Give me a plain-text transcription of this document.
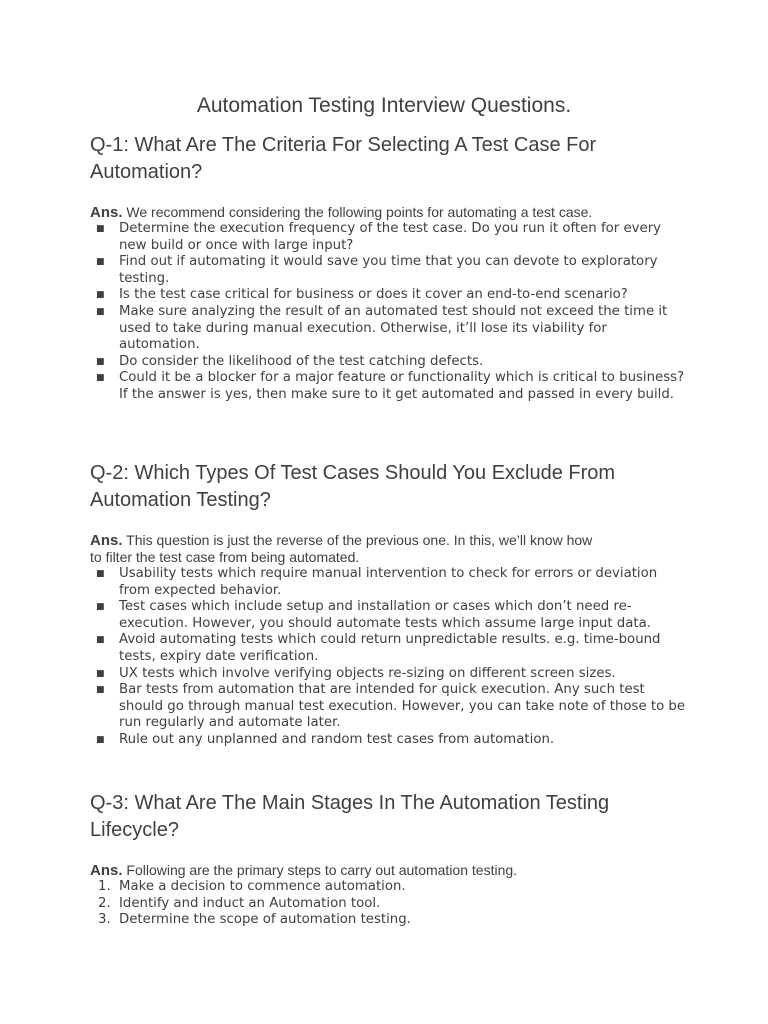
Automation Testing Interview Questions.
Q-1: What Are The Criteria For Selecting A Test Case For Automation?

Ans. We recommend considering the following points for automating a test case.

■ Determine the execution frequency of the test case. Do you run it often for every new build or once with large input?
■ Find out if automating it would save you time that you can devote to exploratory testing.
■ Is the test case critical for business or does it cover an end-to-end scenario?
■ Make sure analyzing the result of an automated test should not exceed the time it used to take during manual execution. Otherwise, it’ll lose its viability for automation.
■ Do consider the likelihood of the test catching defects.
■ Could it be a blocker for a major feature or functionality which is critical to business? If the answer is yes, then make sure to it get automated and passed in every build.
Q-2: Which Types Of Test Cases Should You Exclude From Automation Testing?

Ans. This question is just the reverse of the previous one. In this, we’ll know how
to filter the test case from being automated.

■ Usability tests which require manual intervention to check for errors or deviation from expected behavior.
■ Test cases which include setup and installation or cases which don’t need re-execution. However, you should automate tests which assume large input data.
■ Avoid automating tests which could return unpredictable results. e.g. time-bound tests, expiry date verification.
■ UX tests which involve verifying objects re-sizing on different screen sizes.
■ Bar tests from automation that are intended for quick execution. Any such test should go through manual test execution. However, you can take note of those to be run regularly and automate later.
■ Rule out any unplanned and random test cases from automation.
Q-3: What Are The Main Stages In The Automation Testing Lifecycle?

Ans. Following are the primary steps to carry out automation testing.

1. Make a decision to commence automation.
2. Identify and induct an Automation tool.
3. Determine the scope of automation testing.
